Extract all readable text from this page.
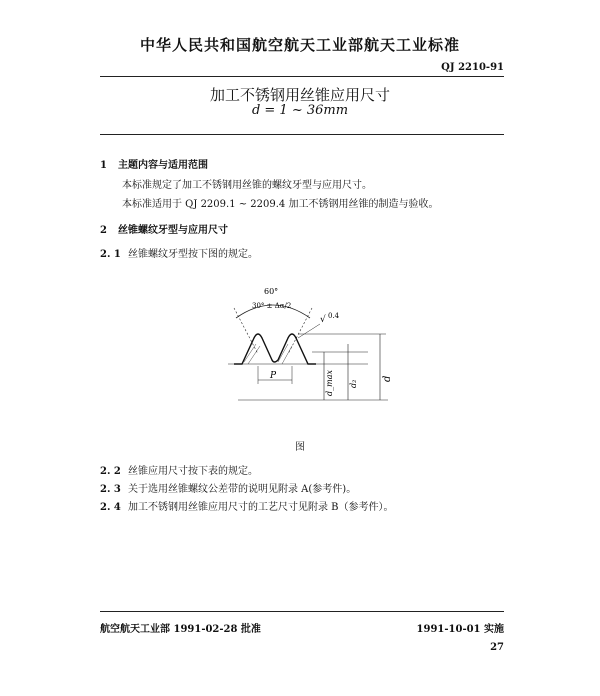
中华人民共和国航空航天工业部航天工业标准
QJ 2210-91
加工不锈钢用丝锥应用尺寸
d = 1 ~ 36mm
1 主题内容与适用范围
本标准规定了加工不锈钢用丝锥的螺纹牙型与应用尺寸。
本标准适用于 QJ 2209.1 ~ 2209.4 加工不锈钢用丝锥的制造与验收。
2 丝锥螺纹牙型与应用尺寸
2. 1 丝锥螺纹牙型按下图的规定。
60°
30° ± Δα/2
P	d_max d₂
d
√ 0.4
图
2. 2 丝锥应用尺寸按下表的规定。
2. 3 关于选用丝锥螺纹公差带的说明见附录 A(参考件)。
2. 4 加工不锈钢用丝锥应用尺寸的工艺尺寸见附录 B（参考件）。
航空航天工业部 1991-02-28 批准	1991-10-01 实施
27
